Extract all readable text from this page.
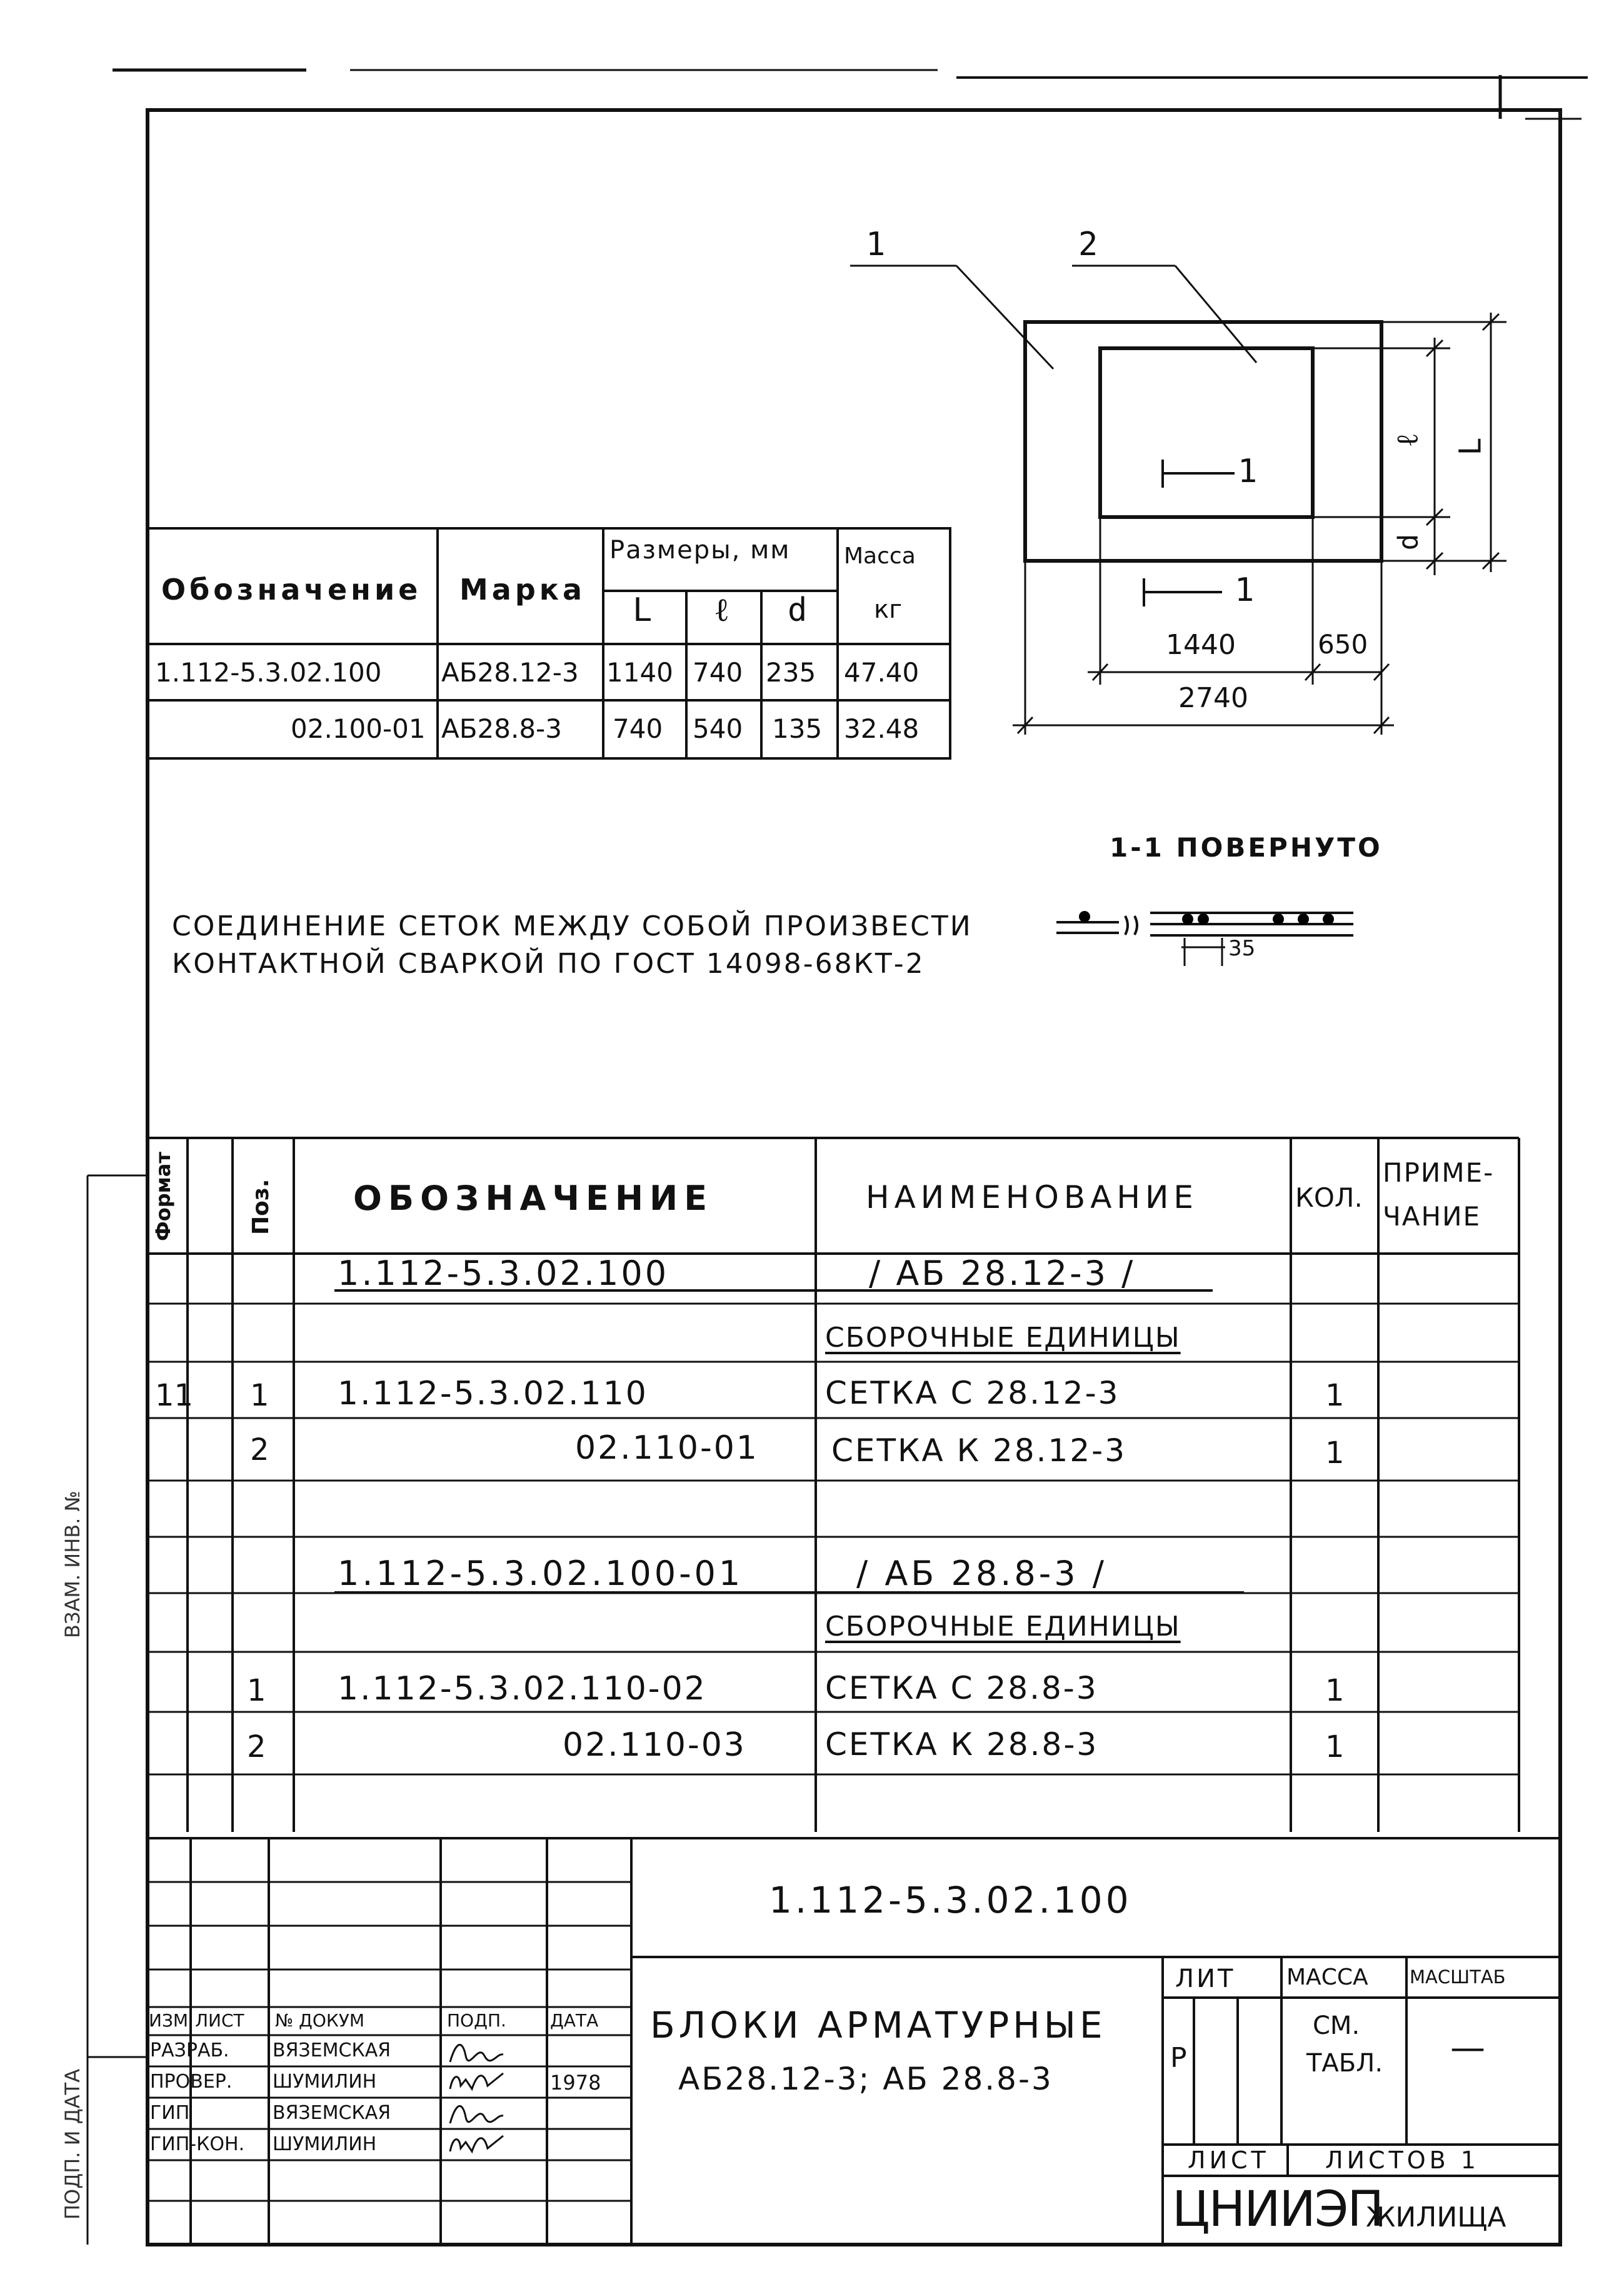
Обозначение Марка
Размеры, мм Масса
кг
L ℓ d
1.112-5.3.02.100 АБ28.12-3 1140 740 235 47.40
02.100-01 АБ28.8-3 740 540 135 32.48
1	2
1
1
ℓ L
d
1440	650
2740
1-1 ПОВЕРНУТО
35
СОЕДИНЕНИЕ СЕТОК МЕЖДУ СОБОЙ ПРОИЗВЕСТИ
КОНТАКТНОЙ СВАРКОЙ ПО ГОСТ 14098-68КТ-2
Формат	Поз. ОБОЗНАЧЕНИЕ	НАИМЕНОВАНИЕ	КОЛ.
ПРИМЕ-
ЧАНИЕ
1.112-5.3.02.100	/ АБ 28.12-3 /
СБОРОЧНЫЕ ЕДИНИЦЫ
11 1 1.112-5.3.02.110	СЕТКА С 28.12-3	1
2	02.110-01 СЕТКА К 28.12-3	1
1.112-5.3.02.100-01	/ АБ 28.8-3 /
СБОРОЧНЫЕ ЕДИНИЦЫ
1 1.112-5.3.02.110-02	СЕТКА С 28.8-3	1
2	02.110-03	СЕТКА К 28.8-3	1
1.112-5.3.02.100
ИЗМ ЛИСТ № ДОКУМ	ПОДП.	ДАТА
РАЗРАБ. ВЯЗЕМСКАЯ
ПРОВЕР. ШУМИЛИН	1978
ГИП	ВЯЗЕМСКАЯ
ГИП-КОН. ШУМИЛИН
БЛОКИ АРМАТУРНЫЕ
АБ28.12-3; АБ 28.8-3
ЛИТ МАССА МАСШТАБ
Р
СМ.
ТАБЛ. —
ЛИСТ ЛИСТОВ 1
ЦНИИЭП
ЖИЛИЩА
ВЗАМ. ИНВ. №
ПОДП. И ДАТА
